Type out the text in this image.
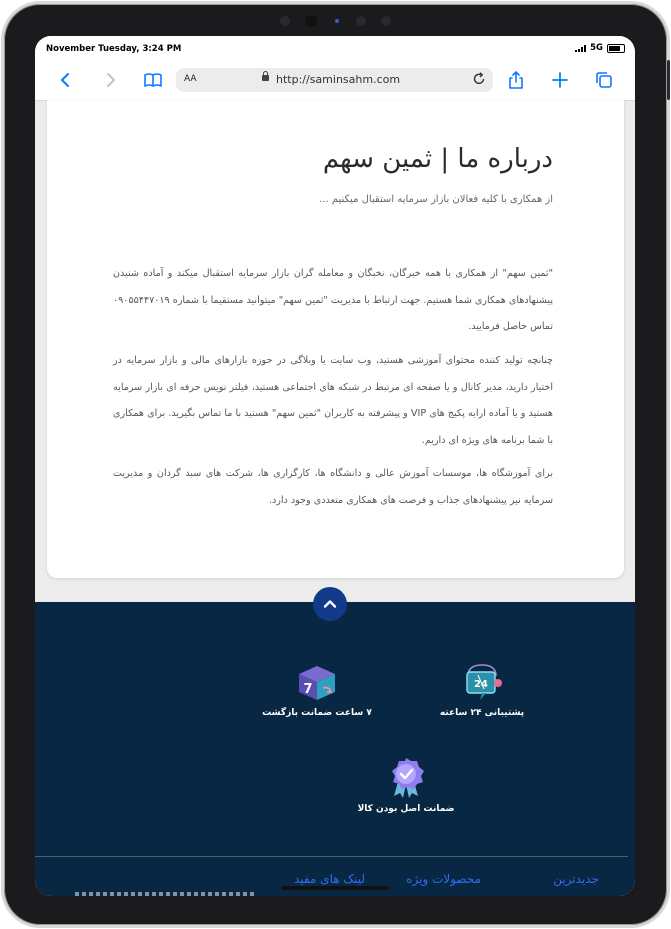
November Tuesday, 3:24 PM	5G
AA	http://saminsahm.com
درباره ما | ثمین سهم

از همکاری با کلیه فعالان بازار سرمایه استقبال میکنیم ...

"ثمین سهم" از همکاری با همه خبرگان، نخبگان و معامله گران بازار سرمایه استقبال میکند و آماده شنیدن پیشنهادهای همکاری شما هستیم. جهت ارتباط با مدیریت "ثمین سهم" میتوانید مستقیما با شماره ۰۹۰۵۵۴۴۷۰۱۹ تماس حاصل فرمایید.

چنانچه تولید کننده محتوای آموزشی هستید، وب سایت یا وبلاگی در حوزه بازارهای مالی و بازار سرمایه در اختیار دارید، مدیر کانال و یا صفحه ای مرتبط در شبکه های اجتماعی هستید، فیلتر نویس حرفه ای بازار سرمایه هستید و یا آماده ارایه پکیج های VIP و پیشرفته به کاربران "ثمین سهم" هستید با ما تماس بگیرید. برای همکاری با شما برنامه های ویژه ای داریم.

برای آموزشگاه ها، موسسات آموزش عالی و دانشگاه ها، کارگزاری ها، شرکت های سبد گردان و مدیریت سرمایه نیز پیشنهادهای جذاب و فرصت های همکاری متعددی وجود دارد.

24
پشتیبانی ۲۴ ساعته
7
۷ ساعت ضمانت بازگشت
ضمانت اصل بودن کالا
جدیدترین
محصولات ویژه
لینک های مفید
